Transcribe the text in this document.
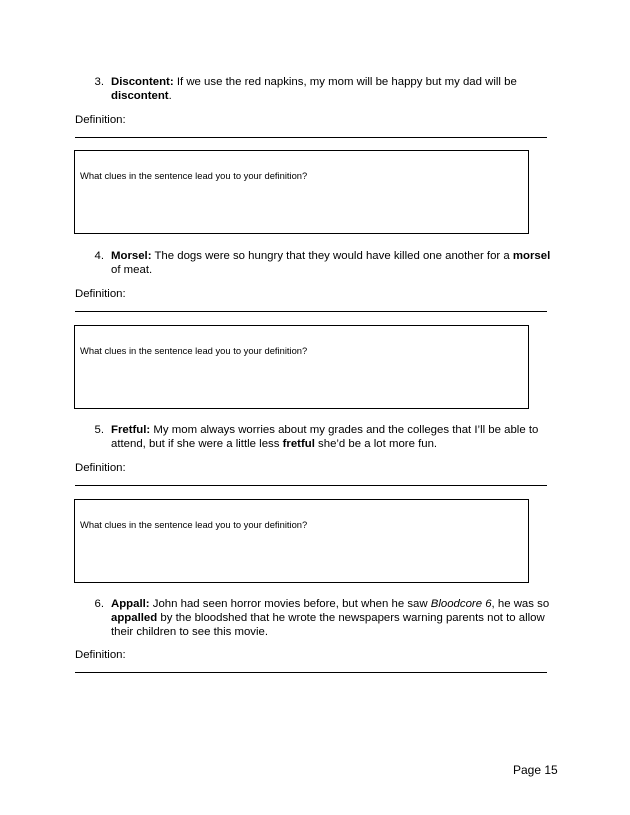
3. Discontent: If we use the red napkins, my mom will be happy but my dad will be discontent.
Definition:
What clues in the sentence lead you to your definition?
4. Morsel: The dogs were so hungry that they would have killed one another for a morsel of meat.
Definition:
What clues in the sentence lead you to your definition?
5. Fretful: My mom always worries about my grades and the colleges that I’ll be able to attend, but if she were a little less fretful she’d be a lot more fun.
Definition:
What clues in the sentence lead you to your definition?
6. Appall: John had seen horror movies before, but when he saw Bloodcore 6, he was so appalled by the bloodshed that he wrote the newspapers warning parents not to allow their children to see this movie.
Definition:
Page 15
